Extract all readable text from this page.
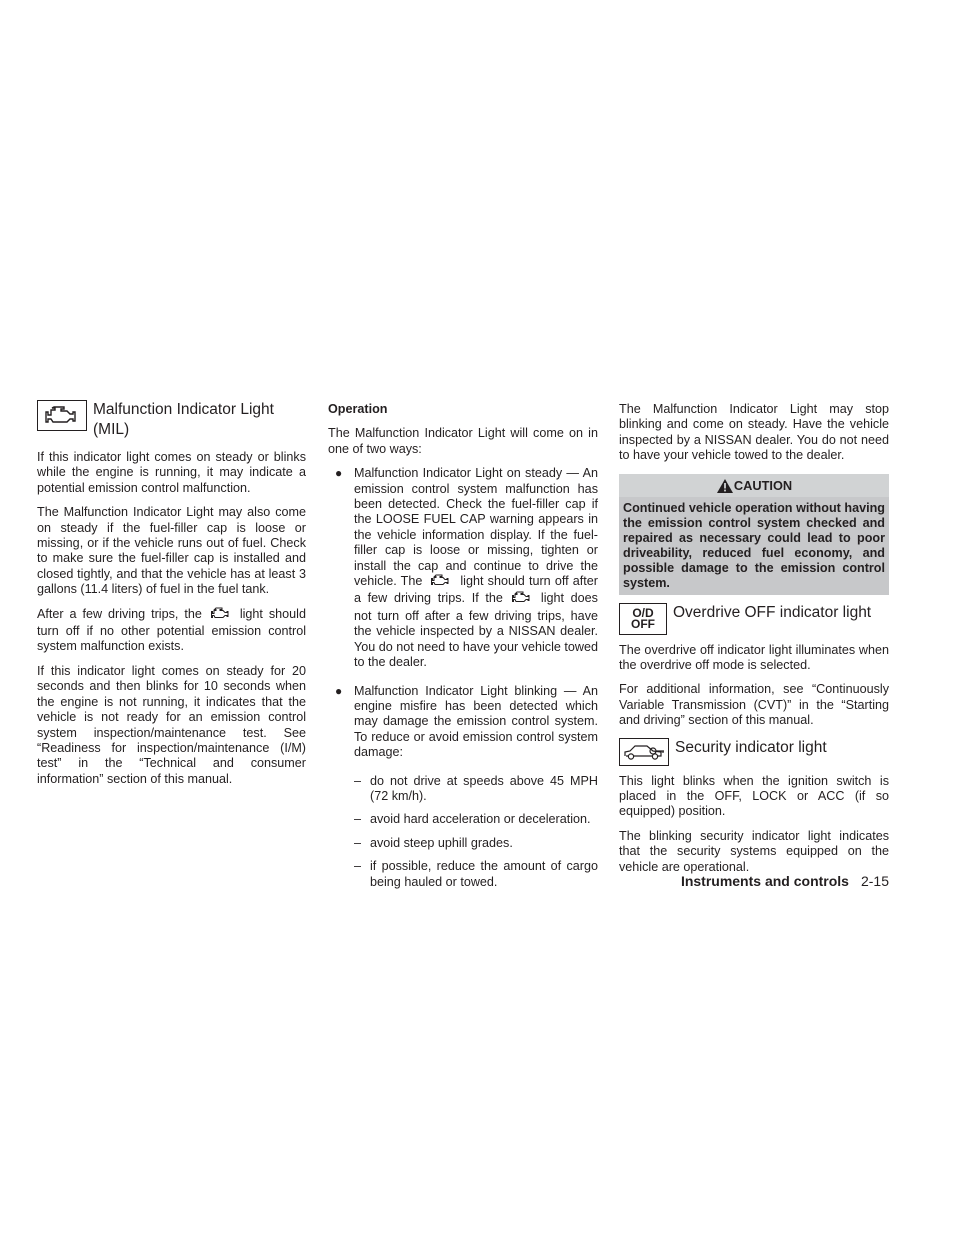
Malfunction Indicator Light (MIL)

If this indicator light comes on steady or blinks while the engine is running, it may indicate a potential emission control malfunction.

The Malfunction Indicator Light may also come on steady if the fuel-filler cap is loose or missing, or if the vehicle runs out of fuel. Check to make sure the fuel-filler cap is installed and closed tightly, and that the vehicle has at least 3 gallons (11.4 liters) of fuel in the fuel tank.

After a few driving trips, the	light should turn off if no other potential emission control system malfunction exists.

If this indicator light comes on steady for 20 seconds and then blinks for 10 seconds when the engine is not running, it indicates that the vehicle is not ready for an emission control system inspection/maintenance test. See “Readiness for inspection/maintenance (I/M) test” in the “Technical and consumer information” section of this manual.

Operation

The Malfunction Indicator Light will come on in one of two ways:

● Malfunction Indicator Light on steady — An emission control system malfunction has been detected. Check the fuel-filler cap if the LOOSE FUEL CAP warning appears in the vehicle information display. If the fuel-filler cap is loose or missing, tighten or install the cap and continue to drive the vehicle. The	light should turn off after a few driving trips. If the	light does not turn off after a few driving trips, have the vehicle inspected by a NISSAN dealer. You do not need to have your vehicle towed to the dealer.
● Malfunction Indicator Light blinking — An engine misfire has been detected which may damage the emission control system. To reduce or avoid emission control system damage:
– do not drive at speeds above 45 MPH (72 km/h).
– avoid hard acceleration or deceleration.
– avoid steep uphill grades.
– if possible, reduce the amount of cargo being hauled or towed.

The Malfunction Indicator Light may stop blinking and come on steady. Have the vehicle inspected by a NISSAN dealer. You do not need to have your vehicle towed to the dealer.

CAUTION
Continued vehicle operation without having the emission control system checked and repaired as necessary could lead to poor driveability, reduced fuel economy, and possible damage to the emission control system.
O/D
OFF
Overdrive OFF indicator light

The overdrive off indicator light illuminates when the overdrive off mode is selected.

For additional information, see “Continuously Variable Transmission (CVT)” in the “Starting and driving” section of this manual.

Security indicator light

This light blinks when the ignition switch is placed in the OFF, LOCK or ACC (if so equipped) position.

The blinking security indicator light indicates that the security systems equipped on the vehicle are operational.

Instruments and controls 2-15
